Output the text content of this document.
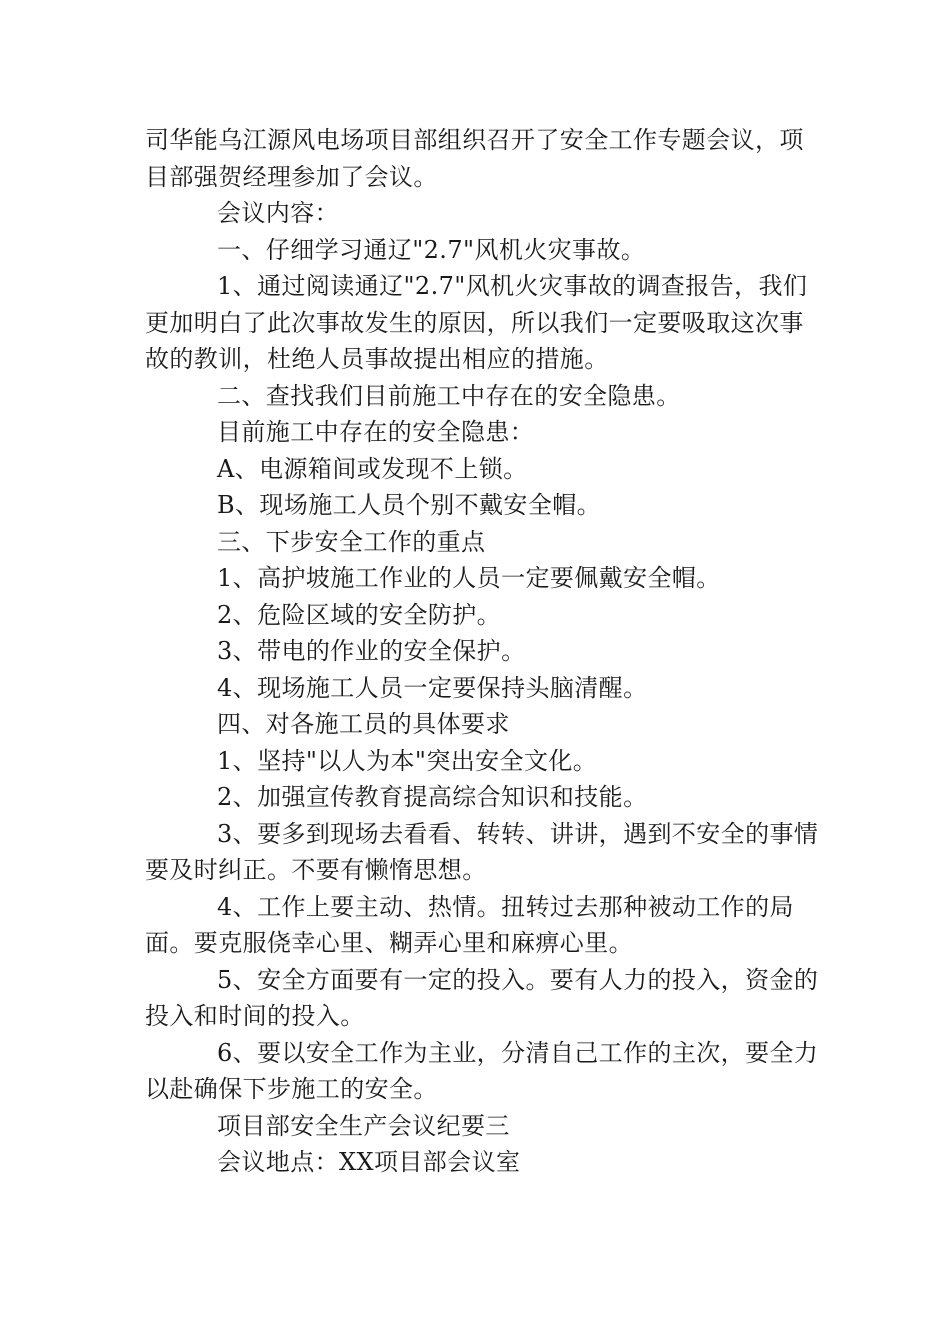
司华能乌江源风电场项目部组织召开了安全工作专题会议，项目部强贺经理参加了会议。

会议内容：

一、仔细学习通辽"2.7"风机火灾事故。

1、通过阅读通辽"2.7"风机火灾事故的调查报告，我们更加明白了此次事故发生的原因，所以我们一定要吸取这次事故的教训，杜绝人员事故提出相应的措施。

二、查找我们目前施工中存在的安全隐患。

目前施工中存在的安全隐患：

A、电源箱间或发现不上锁。

B、现场施工人员个别不戴安全帽。

三、下步安全工作的重点

1、高护坡施工作业的人员一定要佩戴安全帽。

2、危险区域的安全防护。

3、带电的作业的安全保护。

4、现场施工人员一定要保持头脑清醒。

四、对各施工员的具体要求

1、坚持"以人为本"突出安全文化。

2、加强宣传教育提高综合知识和技能。

3、要多到现场去看看、转转、讲讲，遇到不安全的事情要及时纠正。不要有懒惰思想。

4、工作上要主动、热情。扭转过去那种被动工作的局面。要克服侥幸心里、糊弄心里和麻痹心里。

5、安全方面要有一定的投入。要有人力的投入，资金的投入和时间的投入。

6、要以安全工作为主业，分清自己工作的主次，要全力以赴确保下步施工的安全。

项目部安全生产会议纪要三

会议地点：XX项目部会议室
